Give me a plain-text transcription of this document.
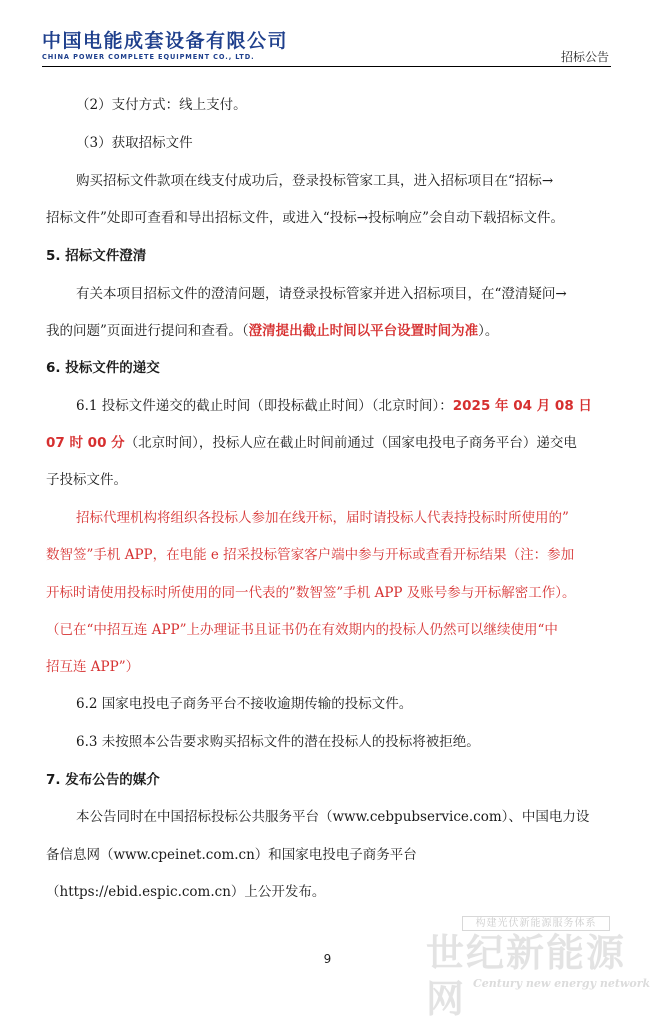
中国电能成套设备有限公司
CHINA POWER COMPLETE EQUIPMENT CO., LTD.	招标公告
（2）支付方式：线上支付。
（3）获取招标文件
购买招标文件款项在线支付成功后，登录投标管家工具，进入招标项目在“招标→
招标文件”处即可查看和导出招标文件，或进入“投标→投标响应”会自动下载招标文件。
5. 招标文件澄清
有关本项目招标文件的澄清问题，请登录投标管家并进入招标项目，在“澄清疑问→
我的问题”页面进行提问和查看。（澄清提出截止时间以平台设置时间为准）。
6. 投标文件的递交
6.1 投标文件递交的截止时间（即投标截止时间）（北京时间）：2025 年 04 月 08 日
07 时 00 分（北京时间），投标人应在截止时间前通过（国家电投电子商务平台）递交电
子投标文件。
招标代理机构将组织各投标人参加在线开标，届时请投标人代表持投标时所使用的”
数智签”手机 APP，在电能 e 招采投标管家客户端中参与开标或查看开标结果（注：参加
开标时请使用投标时所使用的同一代表的”数智签”手机 APP 及账号参与开标解密工作）。
（已在“中招互连 APP”上办理证书且证书仍在有效期内的投标人仍然可以继续使用“中
招互连 APP”）
6.2 国家电投电子商务平台不接收逾期传输的投标文件。
6.3 未按照本公告要求购买招标文件的潜在投标人的投标将被拒绝。
7. 发布公告的媒介
本公告同时在中国招标投标公共服务平台（www.cebpubservice.com）、中国电力设
备信息网（www.cpeinet.com.cn）和国家电投电子商务平台
（https://ebid.espic.com.cn）上公开发布。
9
构建光伏新能源服务体系
世纪新能源网 Century new energy network
